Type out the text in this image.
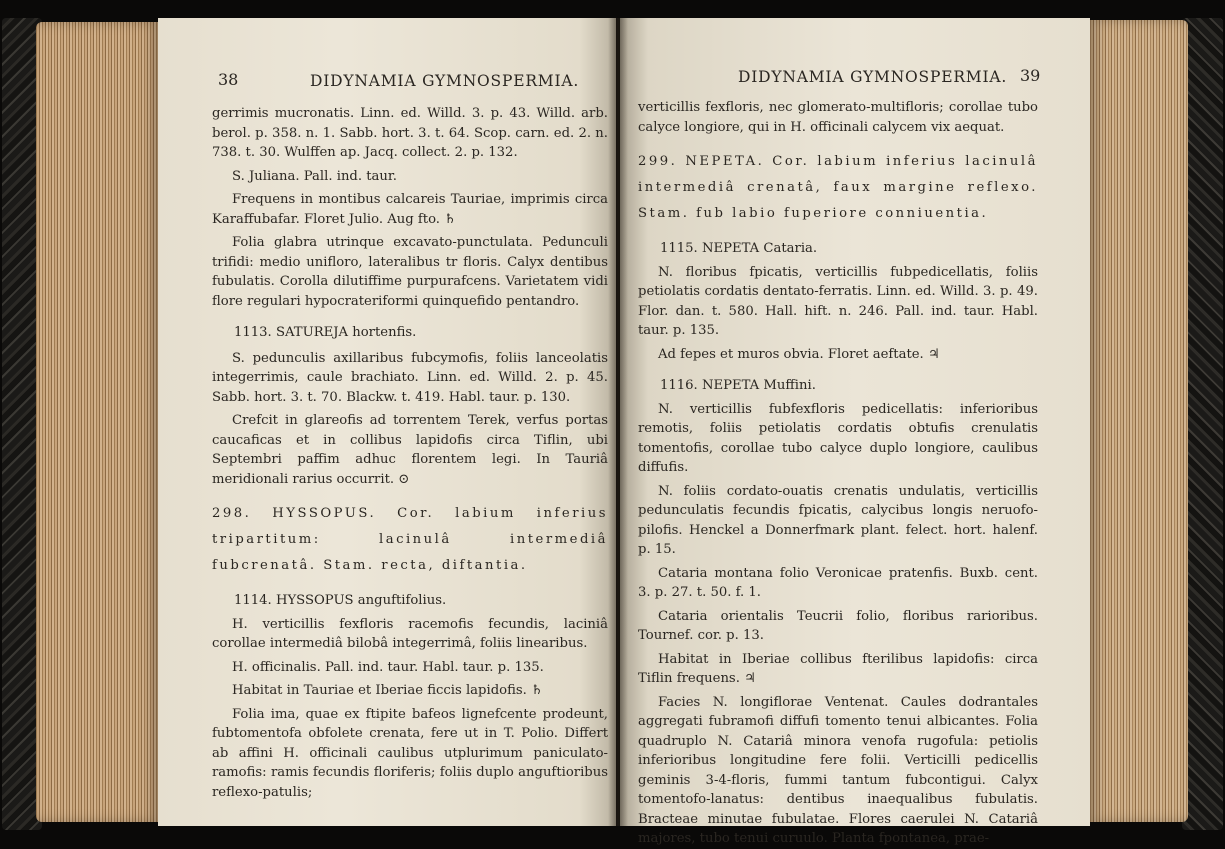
38	DIDYNAMIA GYMNOSPERMIA.

gerrimis mucronatis. Linn. ed. Willd. 3. p. 43. Willd. arb. berol. p. 358. n. 1. Sabb. hort. 3. t. 64. Scop. carn. ed. 2. n. 738. t. 30. Wulffen ap. Jacq. collect. 2. p. 132.

S. Juliana. Pall. ind. taur.

Frequens in montibus calcareis Tauriae, imprimis circa Karaffubafar. Floret Julio. Aug fto. ♄

Folia glabra utrinque excavato-punctulata. Pedunculi trifidi: medio unifloro, lateralibus tr floris. Calyx dentibus fubulatis. Corolla dilutiffime purpurafcens. Varietatem vidi flore regulari hypocrateriformi quinquefido pentandro.

1113. SATUREJA hortenfis.

S. pedunculis axillaribus fubcymofis, foliis lanceolatis integerrimis, caule brachiato. Linn. ed. Willd. 2. p. 45. Sabb. hort. 3. t. 70. Blackw. t. 419. Habl. taur. p. 130.

Crefcit in glareofis ad torrentem Terek, verfus portas caucaficas et in collibus lapidofis circa Tiflin, ubi Septembri paffim adhuc florentem legi. In Tauriâ meridionali rarius occurrit. ⊙

298. HYSSOPUS. Cor. labium inferius tripartitum: lacinulâ intermediâ fubcrenatâ. Stam. recta, diftantia.

1114. HYSSOPUS anguftifolius.

H. verticillis fexfloris racemofis fecundis, laciniâ corollae intermediâ bilobâ integerrimâ, foliis linearibus.

H. officinalis. Pall. ind. taur. Habl. taur. p. 135.

Habitat in Tauriae et Iberiae ficcis lapidofis. ♄

Folia ima, quae ex ftipite bafeos lignefcente prodeunt, fubtomentofa obfolete crenata, fere ut in T. Polio. Differt ab affini H. officinali caulibus utplurimum paniculato-ramofis: ramis fecundis floriferis; foliis duplo anguftioribus reflexo-patulis;

DIDYNAMIA GYMNOSPERMIA. 39

verticillis fexfloris, nec glomerato-multifloris; corollae tubo calyce longiore, qui in H. officinali calycem vix aequat.

299. NEPETA. Cor. labium inferius lacinulâ intermediâ crenatâ, faux margine reflexo. Stam. fub labio fuperiore conniuentia.

1115. NEPETA Cataria.

N. floribus fpicatis, verticillis fubpedicellatis, foliis petiolatis cordatis dentato-ferratis. Linn. ed. Willd. 3. p. 49. Flor. dan. t. 580. Hall. hift. n. 246. Pall. ind. taur. Habl. taur. p. 135.

Ad fepes et muros obvia. Floret aeftate. ♃

1116. NEPETA Muffini.

N. verticillis fubfexfloris pedicellatis: inferioribus remotis, foliis petiolatis cordatis obtufis crenulatis tomentofis, corollae tubo calyce duplo longiore, caulibus diffufis.

N. foliis cordato-ouatis crenatis undulatis, verticillis pedunculatis fecundis fpicatis, calycibus longis neruofo-pilofis. Henckel a Donnerfmark plant. felect. hort. halenf. p. 15.

Cataria montana folio Veronicae pratenfis. Buxb. cent. 3. p. 27. t. 50. f. 1.

Cataria orientalis Teucrii folio, floribus rarioribus. Tournef. cor. p. 13.

Habitat in Iberiae collibus fterilibus lapidofis: circa Tiflin frequens. ♃

Facies N. longiflorae Ventenat. Caules dodrantales aggregati fubramofi diffufi tomento tenui albicantes. Folia quadruplo N. Catariâ minora venofa rugofula: petiolis inferioribus longitudine fere folii. Verticilli pedicellis geminis 3-4-floris, fummi tantum fubcontigui. Calyx tomentofo-lanatus: dentibus inaequalibus fubulatis. Bracteae minutae fubulatae. Flores caerulei N. Catariâ majores, tubo tenui curuulo. Planta fpontanea, prae-
